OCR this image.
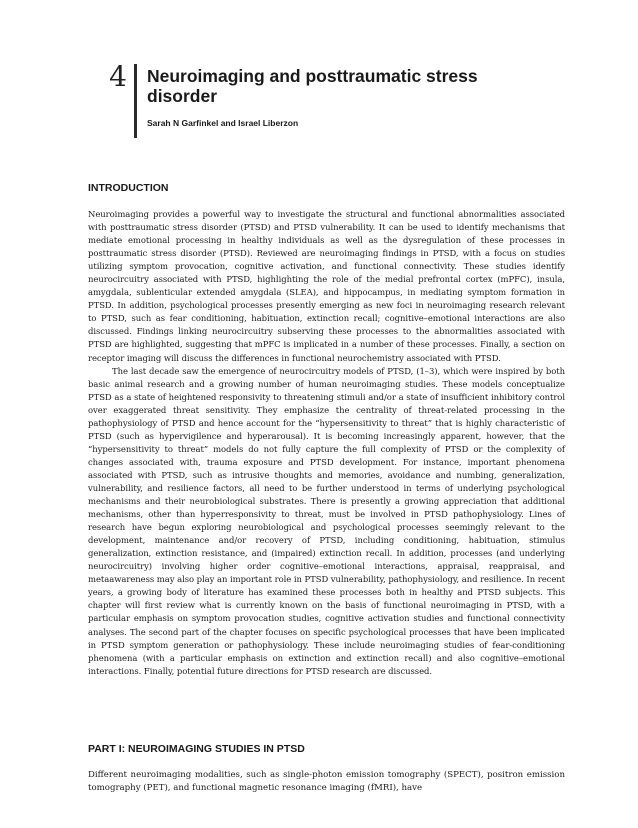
4	Neuroimaging and posttraumatic stress disorder

Sarah N Garfinkel and Israel Liberzon

INTRODUCTION

Neuroimaging provides a powerful way to investigate the structural and functional abnormalities associated with posttraumatic stress disorder (PTSD) and PTSD vulnerability. It can be used to identify mechanisms that mediate emotional processing in healthy individuals as well as the dysregulation of these processes in posttraumatic stress disorder (PTSD). Reviewed are neuroimaging findings in PTSD, with a focus on studies utilizing symptom provocation, cognitive activation, and functional connectivity. These studies identify neurocircuitry associated with PTSD, highlighting the role of the medial prefrontal cortex (mPFC), insula, amygdala, sublenticular extended amygdala (SLEA), and hippocampus, in mediating symptom formation in PTSD. In addition, psychological processes presently emerging as new foci in neuroimaging research relevant to PTSD, such as fear conditioning, habituation, extinction recall; cognitive–emotional interactions are also discussed. Findings linking neurocircuitry subserving these processes to the abnormalities associated with PTSD are highlighted, suggesting that mPFC is implicated in a number of these processes. Finally, a section on receptor imaging will discuss the differences in functional neurochemistry associated with PTSD.

The last decade saw the emergence of neurocircuitry models of PTSD, (1–3), which were inspired by both basic animal research and a growing number of human neuroimaging studies. These models conceptualize PTSD as a state of heightened responsivity to threatening stimuli and/or a state of insufficient inhibitory control over exaggerated threat sensitivity. They emphasize the centrality of threat-related processing in the pathophysiology of PTSD and hence account for the “hypersensitivity to threat” that is highly characteristic of PTSD (such as hypervigilence and hyperarousal). It is becoming increasingly apparent, however, that the “hypersensitivity to threat” models do not fully capture the full complexity of PTSD or the complexity of changes associated with, trauma exposure and PTSD development. For instance, important phenomena associated with PTSD, such as intrusive thoughts and memories, avoidance and numbing, generalization, vulnerability, and resilience factors, all need to be further understood in terms of underlying psychological mechanisms and their neurobiological substrates. There is presently a growing appreciation that additional mechanisms, other than hyperresponsivity to threat, must be involved in PTSD pathophysiology. Lines of research have begun exploring neurobiological and psychological processes seemingly relevant to the development, maintenance and/or recovery of PTSD, including conditioning, habituation, stimulus generalization, extinction resistance, and (impaired) extinction recall. In addition, processes (and underlying neurocircuitry) involving higher order cognitive–emotional interactions, appraisal, reappraisal, and metaawareness may also play an important role in PTSD vulnerability, pathophysiology, and resilience. In recent years, a growing body of literature has examined these processes both in healthy and PTSD subjects. This chapter will first review what is currently known on the basis of functional neuroimaging in PTSD, with a particular emphasis on symptom provocation studies, cognitive activation studies and functional connectivity analyses. The second part of the chapter focuses on specific psychological processes that have been implicated in PTSD symptom generation or pathophysiology. These include neuroimaging studies of fear-conditioning phenomena (with a particular emphasis on extinction and extinction recall) and also cognitive–emotional interactions. Finally, potential future directions for PTSD research are discussed.

PART I: NEUROIMAGING STUDIES IN PTSD

Different neuroimaging modalities, such as single-photon emission tomography (SPECT), positron emission tomography (PET), and functional magnetic resonance imaging (fMRI), have
